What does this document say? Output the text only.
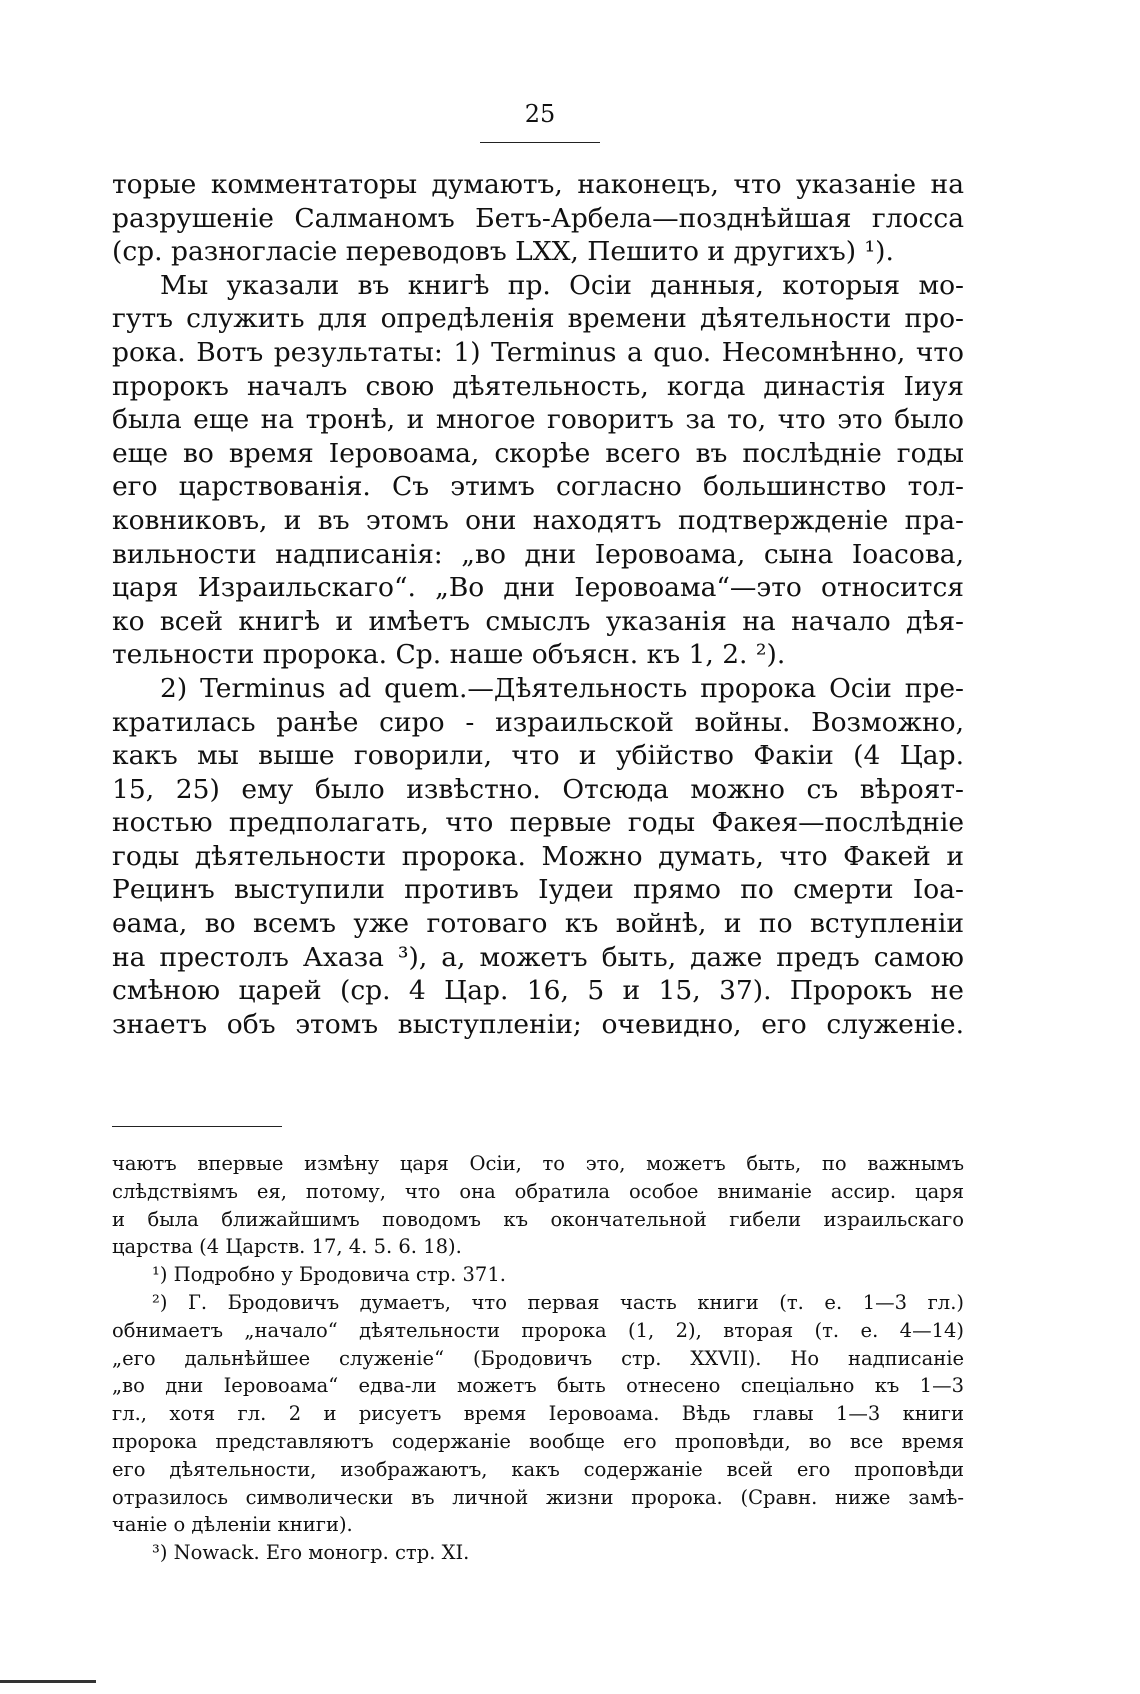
25
торые комментаторы думаютъ, наконецъ, что указаніе на
разрушеніе Салманомъ Бетъ-Арбела—позднѣйшая глосса
(ср. разногласіе переводовъ LXX, Пешито и другихъ) ¹).
Мы указали въ книгѣ пр. Осіи данныя, которыя мо-
гутъ служить для опредѣленія времени дѣятельности про-
рока. Вотъ результаты: 1) Terminus a quo. Несомнѣнно, что
пророкъ началъ свою дѣятельность, когда династія Іиуя
была еще на тронѣ, и многое говоритъ за то, что это было
еще во время Іеровоама, скорѣе всего въ послѣдніе годы
его царствованія. Съ этимъ согласно большинство тол-
ковниковъ, и въ этомъ они находятъ подтвержденіе пра-
вильности надписанія: „во дни Іеровоама, сына Іоасова,
царя Израильскаго“. „Во дни Іеровоама“—это относится
ко всей книгѣ и имѣетъ смыслъ указанія на начало дѣя-
тельности пророка. Ср. наше объясн. къ 1, 2. ²).
2) Terminus ad quem.—Дѣятельность пророка Осіи пре-
кратилась ранѣе сиро - израильской войны. Возможно,
какъ мы выше говорили, что и убійство Факіи (4 Цар.
15, 25) ему было извѣстно. Отсюда можно съ вѣроят-
ностью предполагать, что первые годы Факея—послѣдніе
годы дѣятельности пророка. Можно думать, что Факей и
Рецинъ выступили противъ Іудеи прямо по смерти Іоа-
ѳама, во всемъ уже готоваго къ войнѣ, и по вступленіи
на престолъ Ахаза ³), а, можетъ быть, даже предъ самою
смѣною царей (ср. 4 Цар. 16, 5 и 15, 37). Пророкъ не
знаетъ объ этомъ выступленіи; очевидно, его служеніе.
чаютъ впервые измѣну царя Осіи, то это, можетъ быть, по важнымъ
слѣдствіямъ ея, потому, что она обратила особое вниманіе ассир. царя
и была ближайшимъ поводомъ къ окончательной гибели израильскаго
царства (4 Царств. 17, 4. 5. 6. 18).
¹) Подробно у Бродовича стр. 371.
²) Г. Бродовичъ думаетъ, что первая часть книги (т. е. 1—3 гл.)
обнимаетъ „начало“ дѣятельности пророка (1, 2), вторая (т. е. 4—14)
„его дальнѣйшее служеніе“ (Бродовичъ стр. XXVII). Но надписаніе
„во дни Іеровоама“ едва-ли можетъ быть отнесено спеціально къ 1—3
гл., хотя гл. 2 и рисуетъ время Іеровоама. Вѣдь главы 1—3 книги
пророка представляютъ содержаніе вообще его проповѣди, во все время
его дѣятельности, изображаютъ, какъ содержаніе всей его проповѣди
отразилось символически въ личной жизни пророка. (Сравн. ниже замѣ-
чаніе о дѣленіи книги).
³) Nowack. Его моногр. стр. XI.
